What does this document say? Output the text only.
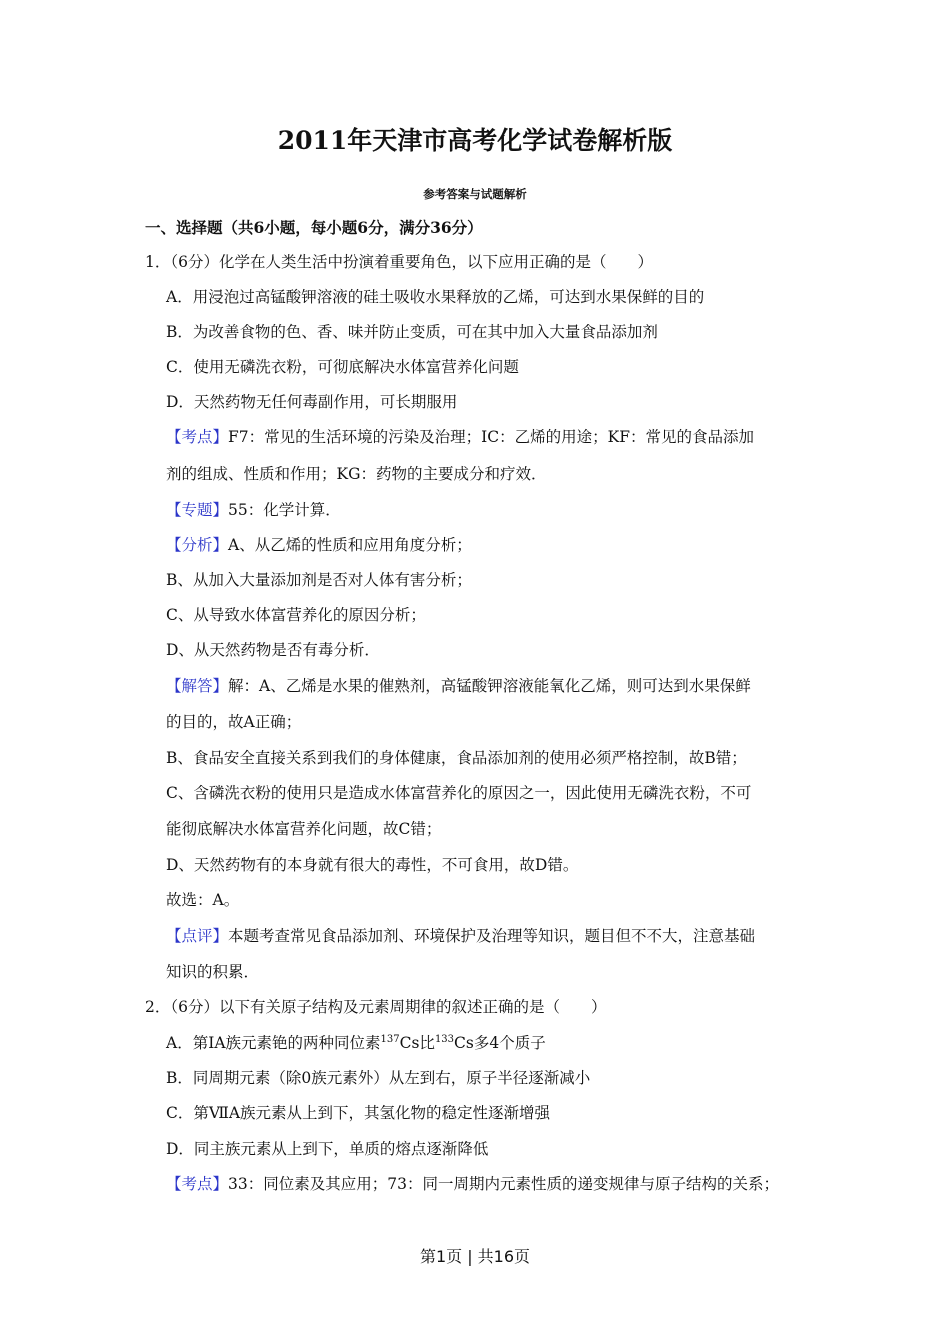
2011年天津市高考化学试卷解析版
参考答案与试题解析
一、选择题（共6小题，每小题6分，满分36分）
1．（6分）化学在人类生活中扮演着重要角色，以下应用正确的是（　　）
A．用浸泡过高锰酸钾溶液的硅土吸收水果释放的乙烯，可达到水果保鲜的目的
B．为改善食物的色、香、味并防止变质，可在其中加入大量食品添加剂
C．使用无磷洗衣粉，可彻底解决水体富营养化问题
D．天然药物无任何毒副作用，可长期服用
【考点】F7：常见的生活环境的污染及治理；IC：乙烯的用途；KF：常见的食品添加
剂的组成、性质和作用；KG：药物的主要成分和疗效．
【专题】55：化学计算．
【分析】A、从乙烯的性质和应用角度分析；
B、从加入大量添加剂是否对人体有害分析；
C、从导致水体富营养化的原因分析；
D、从天然药物是否有毒分析．
【解答】解：A、乙烯是水果的催熟剂，高锰酸钾溶液能氧化乙烯，则可达到水果保鲜
的目的，故A正确；
B、食品安全直接关系到我们的身体健康，食品添加剂的使用必须严格控制，故B错；
C、含磷洗衣粉的使用只是造成水体富营养化的原因之一，因此使用无磷洗衣粉，不可
能彻底解决水体富营养化问题，故C错；
D、天然药物有的本身就有很大的毒性，不可食用，故D错。
故选：A。
【点评】本题考查常见食品添加剂、环境保护及治理等知识，题目但不不大，注意基础
知识的积累．
2．（6分）以下有关原子结构及元素周期律的叙述正确的是（　　）
A．第IA族元素铯的两种同位素$^{137}$Cs比$^{133}$Cs多4个质子
B．同周期元素（除0族元素外）从左到右，原子半径逐渐减小
C．第ⅦA族元素从上到下，其氢化物的稳定性逐渐增强
D．同主族元素从上到下，单质的熔点逐渐降低
【考点】33：同位素及其应用；73：同一周期内元素性质的递变规律与原子结构的关系；
第1页 | 共16页
